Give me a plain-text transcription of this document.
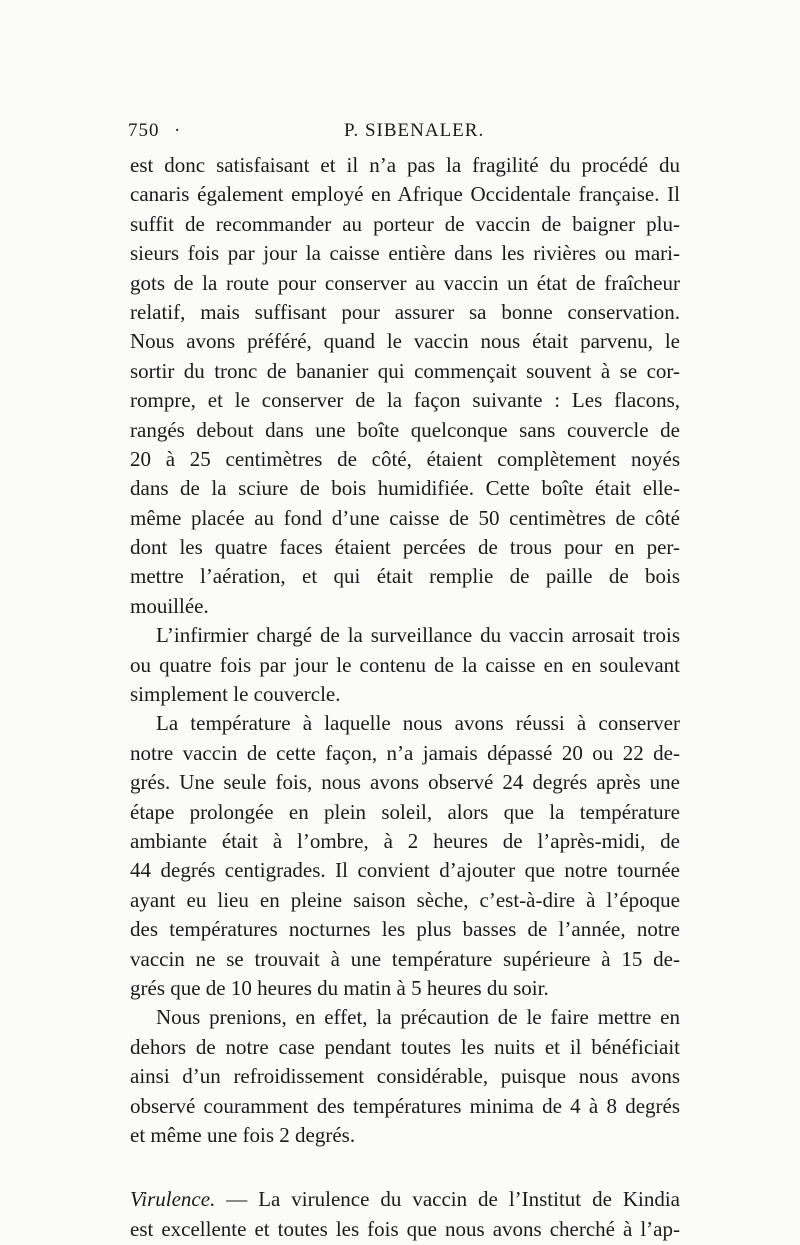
750 ·	P. SIBENALER.
est donc satisfaisant et il n’a pas la fragilité du procédé du
canaris également employé en Afrique Occidentale française. Il
suffit de recommander au porteur de vaccin de baigner plu-
sieurs fois par jour la caisse entière dans les rivières ou mari-
gots de la route pour conserver au vaccin un état de fraîcheur
relatif, mais suffisant pour assurer sa bonne conservation.
Nous avons préféré, quand le vaccin nous était parvenu, le
sortir du tronc de bananier qui commençait souvent à se cor-
rompre, et le conserver de la façon suivante : Les flacons,
rangés debout dans une boîte quelconque sans couvercle de
20 à 25 centimètres de côté, étaient complètement noyés
dans de la sciure de bois humidifiée. Cette boîte était elle-
même placée au fond d’une caisse de 50 centimètres de côté
dont les quatre faces étaient percées de trous pour en per-
mettre l’aération, et qui était remplie de paille de bois
mouillée.
L’infirmier chargé de la surveillance du vaccin arrosait trois
ou quatre fois par jour le contenu de la caisse en en soulevant
simplement le couvercle.
La température à laquelle nous avons réussi à conserver
notre vaccin de cette façon, n’a jamais dépassé 20 ou 22 de-
grés. Une seule fois, nous avons observé 24 degrés après une
étape prolongée en plein soleil, alors que la température
ambiante était à l’ombre, à 2 heures de l’après-midi, de
44 degrés centigrades. Il convient d’ajouter que notre tournée
ayant eu lieu en pleine saison sèche, c’est-à-dire à l’époque
des températures nocturnes les plus basses de l’année, notre
vaccin ne se trouvait à une température supérieure à 15 de-
grés que de 10 heures du matin à 5 heures du soir.
Nous prenions, en effet, la précaution de le faire mettre en
dehors de notre case pendant toutes les nuits et il bénéficiait
ainsi d’un refroidissement considérable, puisque nous avons
observé couramment des températures minima de 4 à 8 degrés
et même une fois 2 degrés.
Virulence. — La virulence du vaccin de l’Institut de Kindia
est excellente et toutes les fois que nous avons cherché à l’ap-
